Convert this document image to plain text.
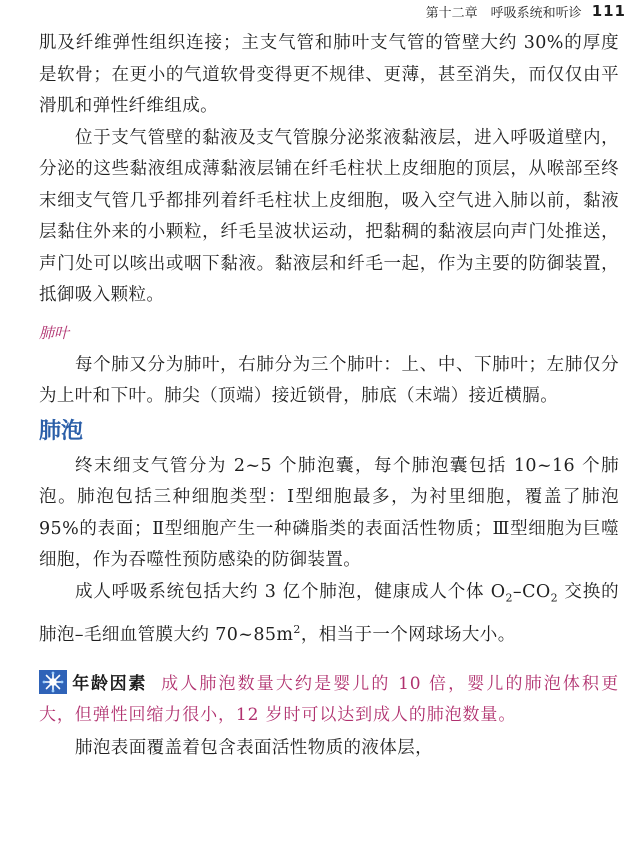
第十二章　呼吸系统和听诊 111

肌及纤维弹性组织连接；主支气管和肺叶支气管的管壁大约 30%的厚度是软骨；在更小的气道软骨变得更不规律、更薄，甚至消失，而仅仅由平滑肌和弹性纤维组成。

位于支气管壁的黏液及支气管腺分泌浆液黏液层，进入呼吸道壁内，分泌的这些黏液组成薄黏液层铺在纤毛柱状上皮细胞的顶层，从喉部至终末细支气管几乎都排列着纤毛柱状上皮细胞，吸入空气进入肺以前，黏液层黏住外来的小颗粒，纤毛呈波状运动，把黏稠的黏液层向声门处推送，声门处可以咳出或咽下黏液。黏液层和纤毛一起，作为主要的防御装置，抵御吸入颗粒。

肺叶

每个肺又分为肺叶，右肺分为三个肺叶：上、中、下肺叶；左肺仅分为上叶和下叶。肺尖（顶端）接近锁骨，肺底（末端）接近横膈。

肺泡

终末细支气管分为 2~5 个肺泡囊，每个肺泡囊包括 10~16 个肺泡。肺泡包括三种细胞类型：Ⅰ型细胞最多，为衬里细胞，覆盖了肺泡 95%的表面；Ⅱ型细胞产生一种磷脂类的表面活性物质；Ⅲ型细胞为巨噬细胞，作为吞噬性预防感染的防御装置。

成人呼吸系统包括大约 3 亿个肺泡，健康成人个体 $O_2-CO_2$ 交换的肺泡–毛细血管膜大约 $70\sim 85m^2$，相当于一个网球场大小。

年龄因素 成人肺泡数量大约是婴儿的 10 倍，婴儿的肺泡体积更大，但弹性回缩力很小，12 岁时可以达到成人的肺泡数量。

肺泡表面覆盖着包含表面活性物质的液体层，
